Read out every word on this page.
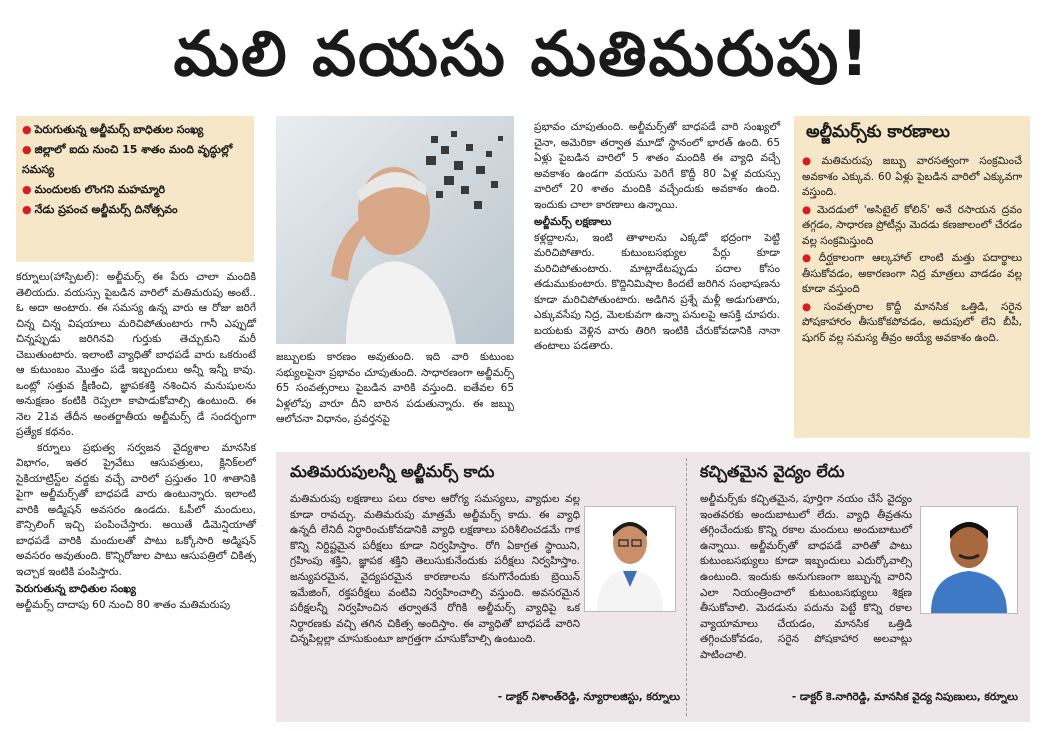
మలి వయసు మతిమరుపు!
● పెరుగుతున్న అల్జీమర్స్ బాధితుల సంఖ్య
● జిల్లాలో ఐదు నుంచి 15 శాతం మంది వృద్ధుల్లో సమస్య
● మందులకు లొంగని మహమ్మారి
● నేడు ప్రపంచ అల్జీమర్స్ దినోత్సవం

జబ్బులకు కారణం అవుతుంది. ఇది వారి కుటుంబ సభ్యులపైనా ప్రభావం చూపుతుంది. సాధారణంగా అల్జీమర్స్ 65 సంవత్సరాలు పైబడిన వారికి వస్తుంది. ఐతేవల 65 ఏళ్లలోపు వారూ దీని బారిన పడుతున్నారు. ఈ జబ్బు ఆలోచనా విధానం, ప్రవర్తనపై

కర్నూలు(హాస్పిటల్): అల్జీమర్స్ ఈ పేరు చాలా మందికి తెలియదు. వయస్సు పైబడిన వారిలో మతిమరుపు అంటే.. ఓ అదా అంటారు. ఈ సమస్య ఉన్న వారు ఆ రోజు జరిగే చిన్న చిన్న విషయాలు మరిచిపోతుంటారు గానీ ఎప్పుడో చిన్నప్పుడు జరిగినవి గుర్తుకు తెచ్చుకుని మరీ చెబుతుంటారు. ఇలాంటి వ్యాధితో బాధపడే వారు ఒకరుంటే ఆ కుటుంబం మొత్తం పడే ఇబ్బందులు అన్నీ ఇన్నీ కావు. ఒంట్లో సత్తువ క్షీణించి, జ్ఞాపకశక్తి నశించిన మనుషులను అనుక్షణం కంటికి రెప్పలా కాపాడుకోవాల్సి ఉంటుంది. ఈ నెల 21వ తేదీన అంతర్జాతీయ అల్జీమర్స్ డే సందర్భంగా ప్రత్యేక కథనం.

కర్నూలు ప్రభుత్వ సర్వజన వైద్యశాల మానసిక విభాగం, ఇతర ప్రైవేటు ఆసుపత్రులు, క్లినిక్‌లలో సైకియాట్రిస్ట్‌ల వద్దకు వచ్చే వారిలో ప్రస్తుతం 10 శాతానికి పైగా అల్జీమర్స్‌తో బాధపడే వారు ఉంటున్నారు. ఇలాంటి వారికి అడ్మిషన్ అవసరం ఉండదు. ఓపీలో మందులు, కౌన్సిలింగ్ ఇచ్చి పంపించేస్తారు. అయితే డిమెన్షియాతో బాధపడే వారికి మందులతో పాటు ఒక్కోసారి అడ్మిషన్ అవసరం అవుతుంది. కొన్నిరోజుల పాటు ఆసుపత్రిలో చికిత్స ఇచ్చాక ఇంటికి పంపిస్తారు.

పెరుగుతున్న బాధితుల సంఖ్య

అల్జీమర్స్ దాదాపు 60 నుంచి 80 శాతం మతిమరుపు

ప్రభావం చూపుతుంది. అల్జీమర్స్‌తో బాధపడే వారి సంఖ్యలో చైనా, అమెరికా తర్వాత మూడో స్థానంలో భారత్ ఉంది. 65 ఏళ్లు పైబడిన వారిలో 5 శాతం మందికి ఈ వ్యాధి వచ్చే అవకాశం ఉండగా వయసు పెరిగే కొద్దీ 80 ఏళ్ల వయస్సు వారిలో 20 శాతం మందికి వచ్చేందుకు అవకాశం ఉంది. ఇందుకు చాలా కారణాలు ఉన్నాయి.

అల్జీమర్స్ లక్షణాలు

కళ్లద్దాలను, ఇంటి తాళాలను ఎక్కడో భద్రంగా పెట్టి మరిచిపోతారు. కుటుంబసభ్యుల పేర్లు కూడా మరిచిపోతుంటారు. మాట్లాడేటప్పుడు పదాల కోసం తడుముకుంటారు. కొద్దినిమిషాల కిందటే జరిగిన సంభాషణను కూడా మరిచిపోతుంటారు. అడిగిన ప్రశ్నే మళ్లీ అడుగుతారు, ఎక్కువసేపు నిద్ర, మెలకువగా ఉన్నా పనులపై ఆసక్తి చూపరు. బయటకు వెళ్లిన వారు తిరిగి ఇంటికి చేరుకోవడానికి నానా తంటాలు పడతారు.

అల్జీమర్స్‌కు కారణాలు
● మతిమరుపు జబ్బు వారసత్వంగా సంక్రమించే అవకాశం ఎక్కువ. 60 ఏళ్లు పైబడిన వారిలో ఎక్కువగా వస్తుంది.
● మెదడులో 'అసిటైల్ కోలిన్' అనే రసాయన ద్రవం తగ్గడం, సాధారణ ప్రోటీన్లు మెదడు కణజాలంలో చేరడం వల్ల సంక్రమిస్తుంది
● దీర్ఘకాలంగా ఆల్కహాల్ లాంటి మత్తు పదార్థాలు తీసుకోవడం, అకారణంగా నిద్ర మాత్రలు వాడడం వల్ల కూడా వస్తుంది
● సంవత్సరాల కొద్దీ మానసిక ఒత్తిడి, సరైన పోషకాహారం తీసుకోకపోవడం, అదుపులో లేని బీపీ, షుగర్ వల్ల సమస్య తీవ్రం అయ్యే అవకాశం ఉంది.
మతిమరుపులన్నీ అల్జీమర్స్ కాదు
మతిమరుపు లక్షణాలు పలు రకాల ఆరోగ్య సమస్యలు, వ్యాధుల వల్ల కూడా రావచ్చు. మతిమరుపు మాత్రమే అల్జీమర్స్ కాదు. ఈ వ్యాధి ఉన్నదీ లేనిదీ నిర్ధారించుకోవడానికి వ్యాధి లక్షణాలు పరిశీలించడమే గాక కొన్ని నిర్దిష్టమైన పరీక్షలు కూడా నిర్వహిస్తాం. రోగి ఏకాగ్రత స్థాయిని, గ్రహింపు శక్తిని, జ్ఞాపక శక్తిని తెలుసుకునేందుకు పరీక్షలు నిర్వహిస్తాం. జన్యుపరమైన, వైద్యపరమైన కారణాలను కనుగొనేందుకు బ్రెయిన్ ఇమేజింగ్, రక్తపరీక్షలు వంటివి నిర్వహించాల్సి వస్తుంది. అవసరమైన పరీక్షలన్నీ నిర్వహించిన తర్వాతనే రోగికి అల్జీమర్స్ వ్యాధిపై ఒక నిర్ధారణకు వచ్చి తగిన చికిత్స అందిస్తాం. ఈ వ్యాధితో బాధపడే వారిని చిన్నపిల్లల్లా చూసుకుంటూ జాగ్రత్తగా చూసుకోవాల్సి ఉంటుంది.
- డాక్టర్ నిశాంత్‌రెడ్డి, న్యూరాలజిస్టు, కర్నూలు
కచ్చితమైన వైద్యం లేదు
అల్జీమర్స్‌కు కచ్చితమైన, పూర్తిగా నయం చేసే వైద్యం ఇంతవరకు అందుబాటులో లేదు. వ్యాధి తీవ్రతను తగ్గించేందుకు కొన్ని రకాల మందులు అందుబాటులో ఉన్నాయి. అల్జీమర్స్‌తో బాధపడే వారితో పాటు కుటుంబసభ్యులు కూడా ఇబ్బందులు ఎదుర్కోవాల్సి ఉంటుంది. ఇందుకు అనుగుణంగా జబ్బున్న వారిని ఎలా నియంత్రించాలో కుటుంబసభ్యులు శిక్షణ తీసుకోవాలి. మెదడును పదును పెట్టే కొన్ని రకాల వ్యాయామాలు చేయడం, మానసిక ఒత్తిడి తగ్గించుకోవడం, సరైన పోషకాహార అలవాట్లు పాటించాలి.
- డాక్టర్ కె.నాగిరెడ్డి, మానసిక వైద్య నిపుణులు, కర్నూలు
